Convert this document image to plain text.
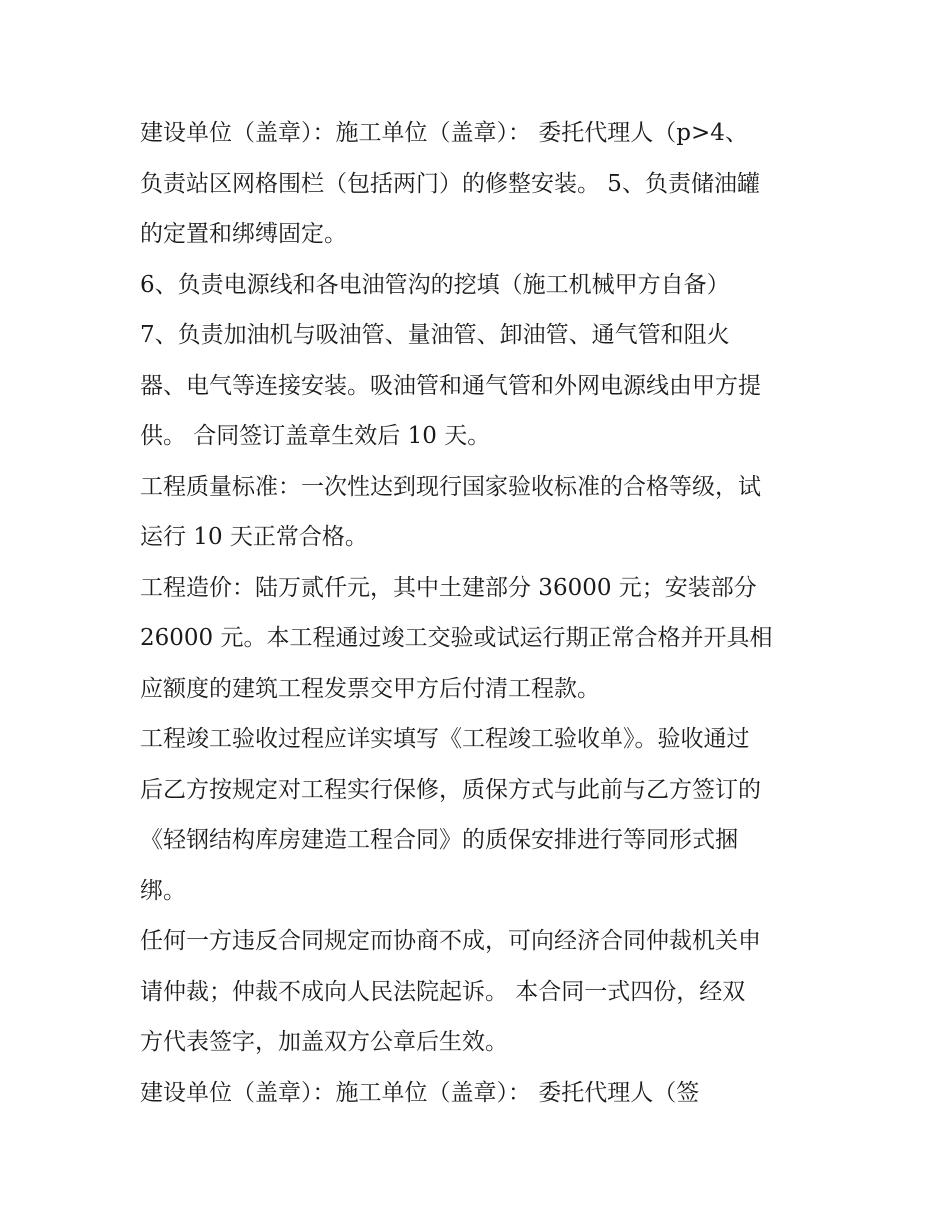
建设单位（盖章）：施工单位（盖章）： 委托代理人（p>4、
负责站区网格围栏（包括两门）的修整安装。 5、负责储油罐
的定置和绑缚固定。

6、负责电源线和各电油管沟的挖填（施工机械甲方自备）

7、负责加油机与吸油管、量油管、卸油管、通气管和阻火
器、电气等连接安装。吸油管和通气管和外网电源线由甲方提
供。 合同签订盖章生效后 10 天。

工程质量标准：一次性达到现行国家验收标准的合格等级，试
运行 10 天正常合格。

工程造价：陆万贰仟元，其中土建部分 36000 元；安装部分
26000 元。本工程通过竣工交验或试运行期正常合格并开具相
应额度的建筑工程发票交甲方后付清工程款。

工程竣工验收过程应详实填写《工程竣工验收单》。验收通过
后乙方按规定对工程实行保修，质保方式与此前与乙方签订的
《轻钢结构库房建造工程合同》的质保安排进行等同形式捆
绑。

任何一方违反合同规定而协商不成，可向经济合同仲裁机关申
请仲裁；仲裁不成向人民法院起诉。 本合同一式四份，经双
方代表签字，加盖双方公章后生效。

建设单位（盖章）：施工单位（盖章）： 委托代理人（签
